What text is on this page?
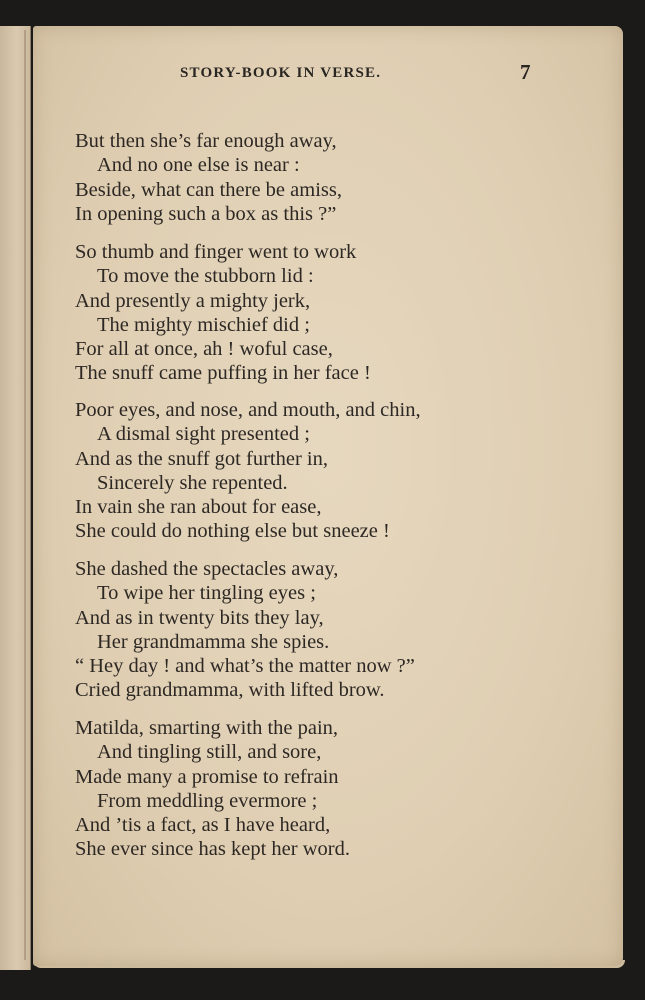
STORY-BOOK IN VERSE.	7
But then she’s far enough away,
And no one else is near :
Beside, what can there be amiss,
In opening such a box as this ?”
So thumb and finger went to work
To move the stubborn lid :
And presently a mighty jerk,
The mighty mischief did ;
For all at once, ah ! woful case,
The snuff came puffing in her face !
Poor eyes, and nose, and mouth, and chin,
A dismal sight presented ;
And as the snuff got further in,
Sincerely she repented.
In vain she ran about for ease,
She could do nothing else but sneeze !
She dashed the spectacles away,
To wipe her tingling eyes ;
And as in twenty bits they lay,
Her grandmamma she spies.
“ Hey day ! and what’s the matter now ?”
Cried grandmamma, with lifted brow.
Matilda, smarting with the pain,
And tingling still, and sore,
Made many a promise to refrain
From meddling evermore ;
And ’tis a fact, as I have heard,
She ever since has kept her word.
